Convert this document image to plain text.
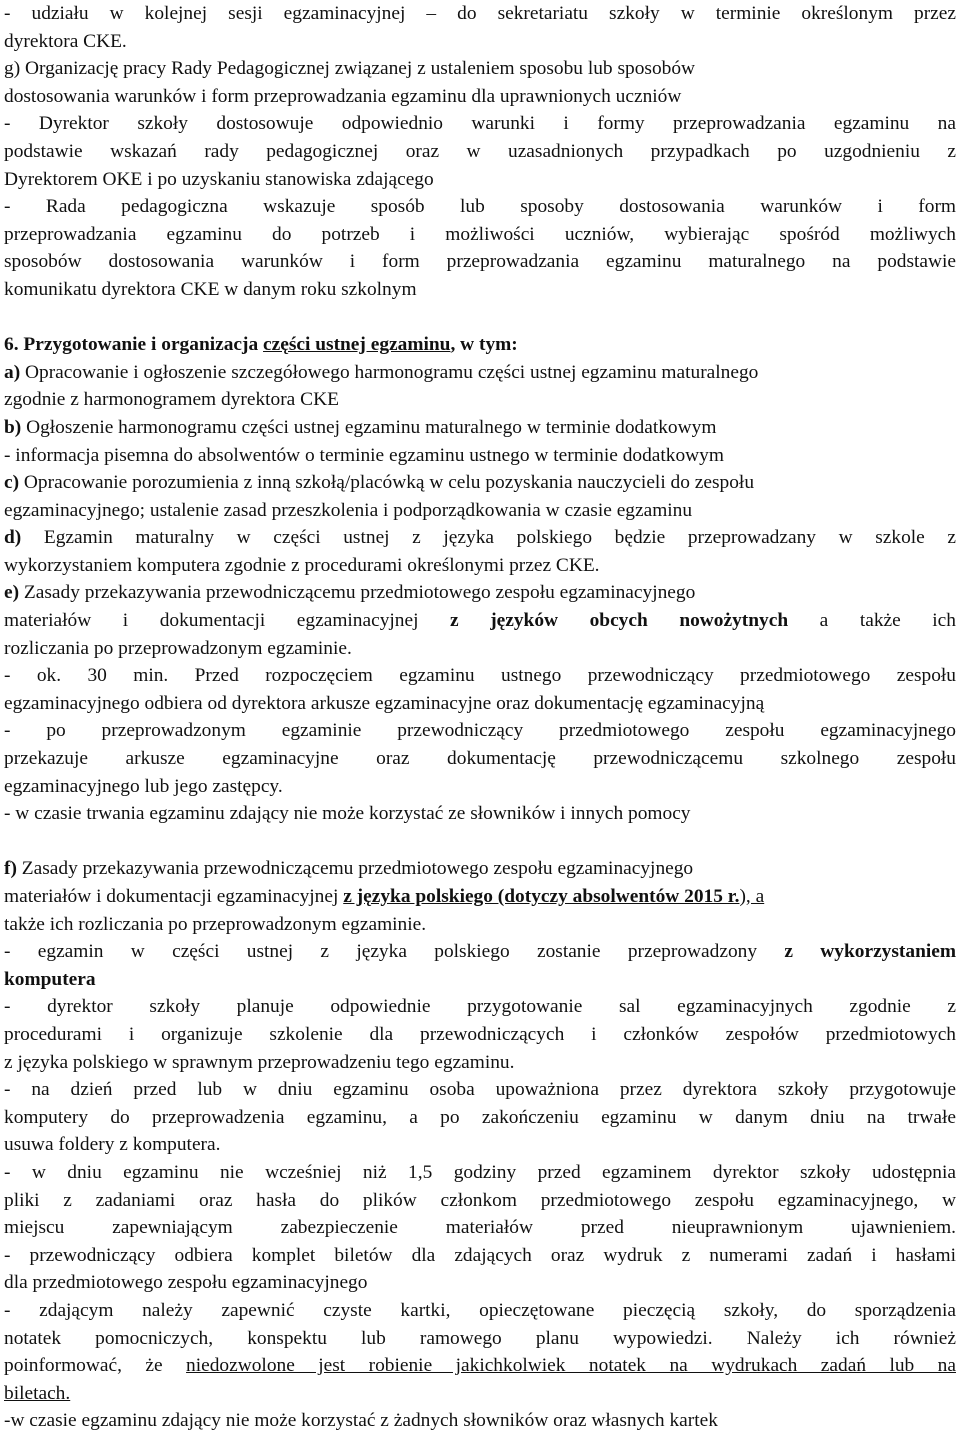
- udziału w kolejnej sesji egzaminacyjnej – do sekretariatu szkoły w terminie określonym przez
dyrektora CKE.
g) Organizację pracy Rady Pedagogicznej związanej z ustaleniem sposobu lub sposobów
dostosowania warunków i form przeprowadzania egzaminu dla uprawnionych uczniów
- Dyrektor szkoły dostosowuje odpowiednio warunki i formy przeprowadzania egzaminu na
podstawie wskazań rady pedagogicznej oraz w uzasadnionych przypadkach po uzgodnieniu z
Dyrektorem OKE i po uzyskaniu stanowiska zdającego
- Rada pedagogiczna wskazuje sposób lub sposoby dostosowania warunków i form
przeprowadzania egzaminu do potrzeb i możliwości uczniów, wybierając spośród możliwych
sposobów dostosowania warunków i form przeprowadzania egzaminu maturalnego na podstawie
komunikatu dyrektora CKE w danym roku szkolnym
6. Przygotowanie i organizacja części ustnej egzaminu, w tym:
a) Opracowanie i ogłoszenie szczegółowego harmonogramu części ustnej egzaminu maturalnego
zgodnie z harmonogramem dyrektora CKE
b) Ogłoszenie harmonogramu części ustnej egzaminu maturalnego w terminie dodatkowym
- informacja pisemna do absolwentów o terminie egzaminu ustnego w terminie dodatkowym
c) Opracowanie porozumienia z inną szkołą/placówką w celu pozyskania nauczycieli do zespołu
egzaminacyjnego; ustalenie zasad przeszkolenia i podporządkowania w czasie egzaminu
d) Egzamin maturalny w części ustnej z języka polskiego będzie przeprowadzany w szkole z
wykorzystaniem komputera zgodnie z procedurami określonymi przez CKE.
e) Zasady przekazywania przewodniczącemu przedmiotowego zespołu egzaminacyjnego
materiałów i dokumentacji egzaminacyjnej z języków obcych nowożytnych a także ich
rozliczania po przeprowadzonym egzaminie.
- ok. 30 min. Przed rozpoczęciem egzaminu ustnego przewodniczący przedmiotowego zespołu
egzaminacyjnego odbiera od dyrektora arkusze egzaminacyjne oraz dokumentację egzaminacyjną
- po przeprowadzonym egzaminie przewodniczący przedmiotowego zespołu egzaminacyjnego
przekazuje arkusze egzaminacyjne oraz dokumentację przewodniczącemu szkolnego zespołu
egzaminacyjnego lub jego zastępcy.
- w czasie trwania egzaminu zdający nie może korzystać ze słowników i innych pomocy
f) Zasady przekazywania przewodniczącemu przedmiotowego zespołu egzaminacyjnego
materiałów i dokumentacji egzaminacyjnej z języka polskiego (dotyczy absolwentów 2015 r.), a
także ich rozliczania po przeprowadzonym egzaminie.
- egzamin w części ustnej z języka polskiego zostanie przeprowadzony z wykorzystaniem
komputera
- dyrektor szkoły planuje odpowiednie przygotowanie sal egzaminacyjnych zgodnie z
procedurami i organizuje szkolenie dla przewodniczących i członków zespołów przedmiotowych
z języka polskiego w sprawnym przeprowadzeniu tego egzaminu.
- na dzień przed lub w dniu egzaminu osoba upoważniona przez dyrektora szkoły przygotowuje
komputery do przeprowadzenia egzaminu, a po zakończeniu egzaminu w danym dniu na trwałe
usuwa foldery z komputera.
- w dniu egzaminu nie wcześniej niż 1,5 godziny przed egzaminem dyrektor szkoły udostępnia
pliki z zadaniami oraz hasła do plików członkom przedmiotowego zespołu egzaminacyjnego, w
miejscu zapewniającym zabezpieczenie materiałów przed nieuprawnionym ujawnieniem.
- przewodniczący odbiera komplet biletów dla zdających oraz wydruk z numerami zadań i hasłami
dla przedmiotowego zespołu egzaminacyjnego
- zdającym należy zapewnić czyste kartki, opieczętowane pieczęcią szkoły, do sporządzenia
notatek pomocniczych, konspektu lub ramowego planu wypowiedzi. Należy ich również
poinformować, że niedozwolone jest robienie jakichkolwiek notatek na wydrukach zadań lub na
biletach.
-w czasie egzaminu zdający nie może korzystać z żadnych słowników oraz własnych kartek
